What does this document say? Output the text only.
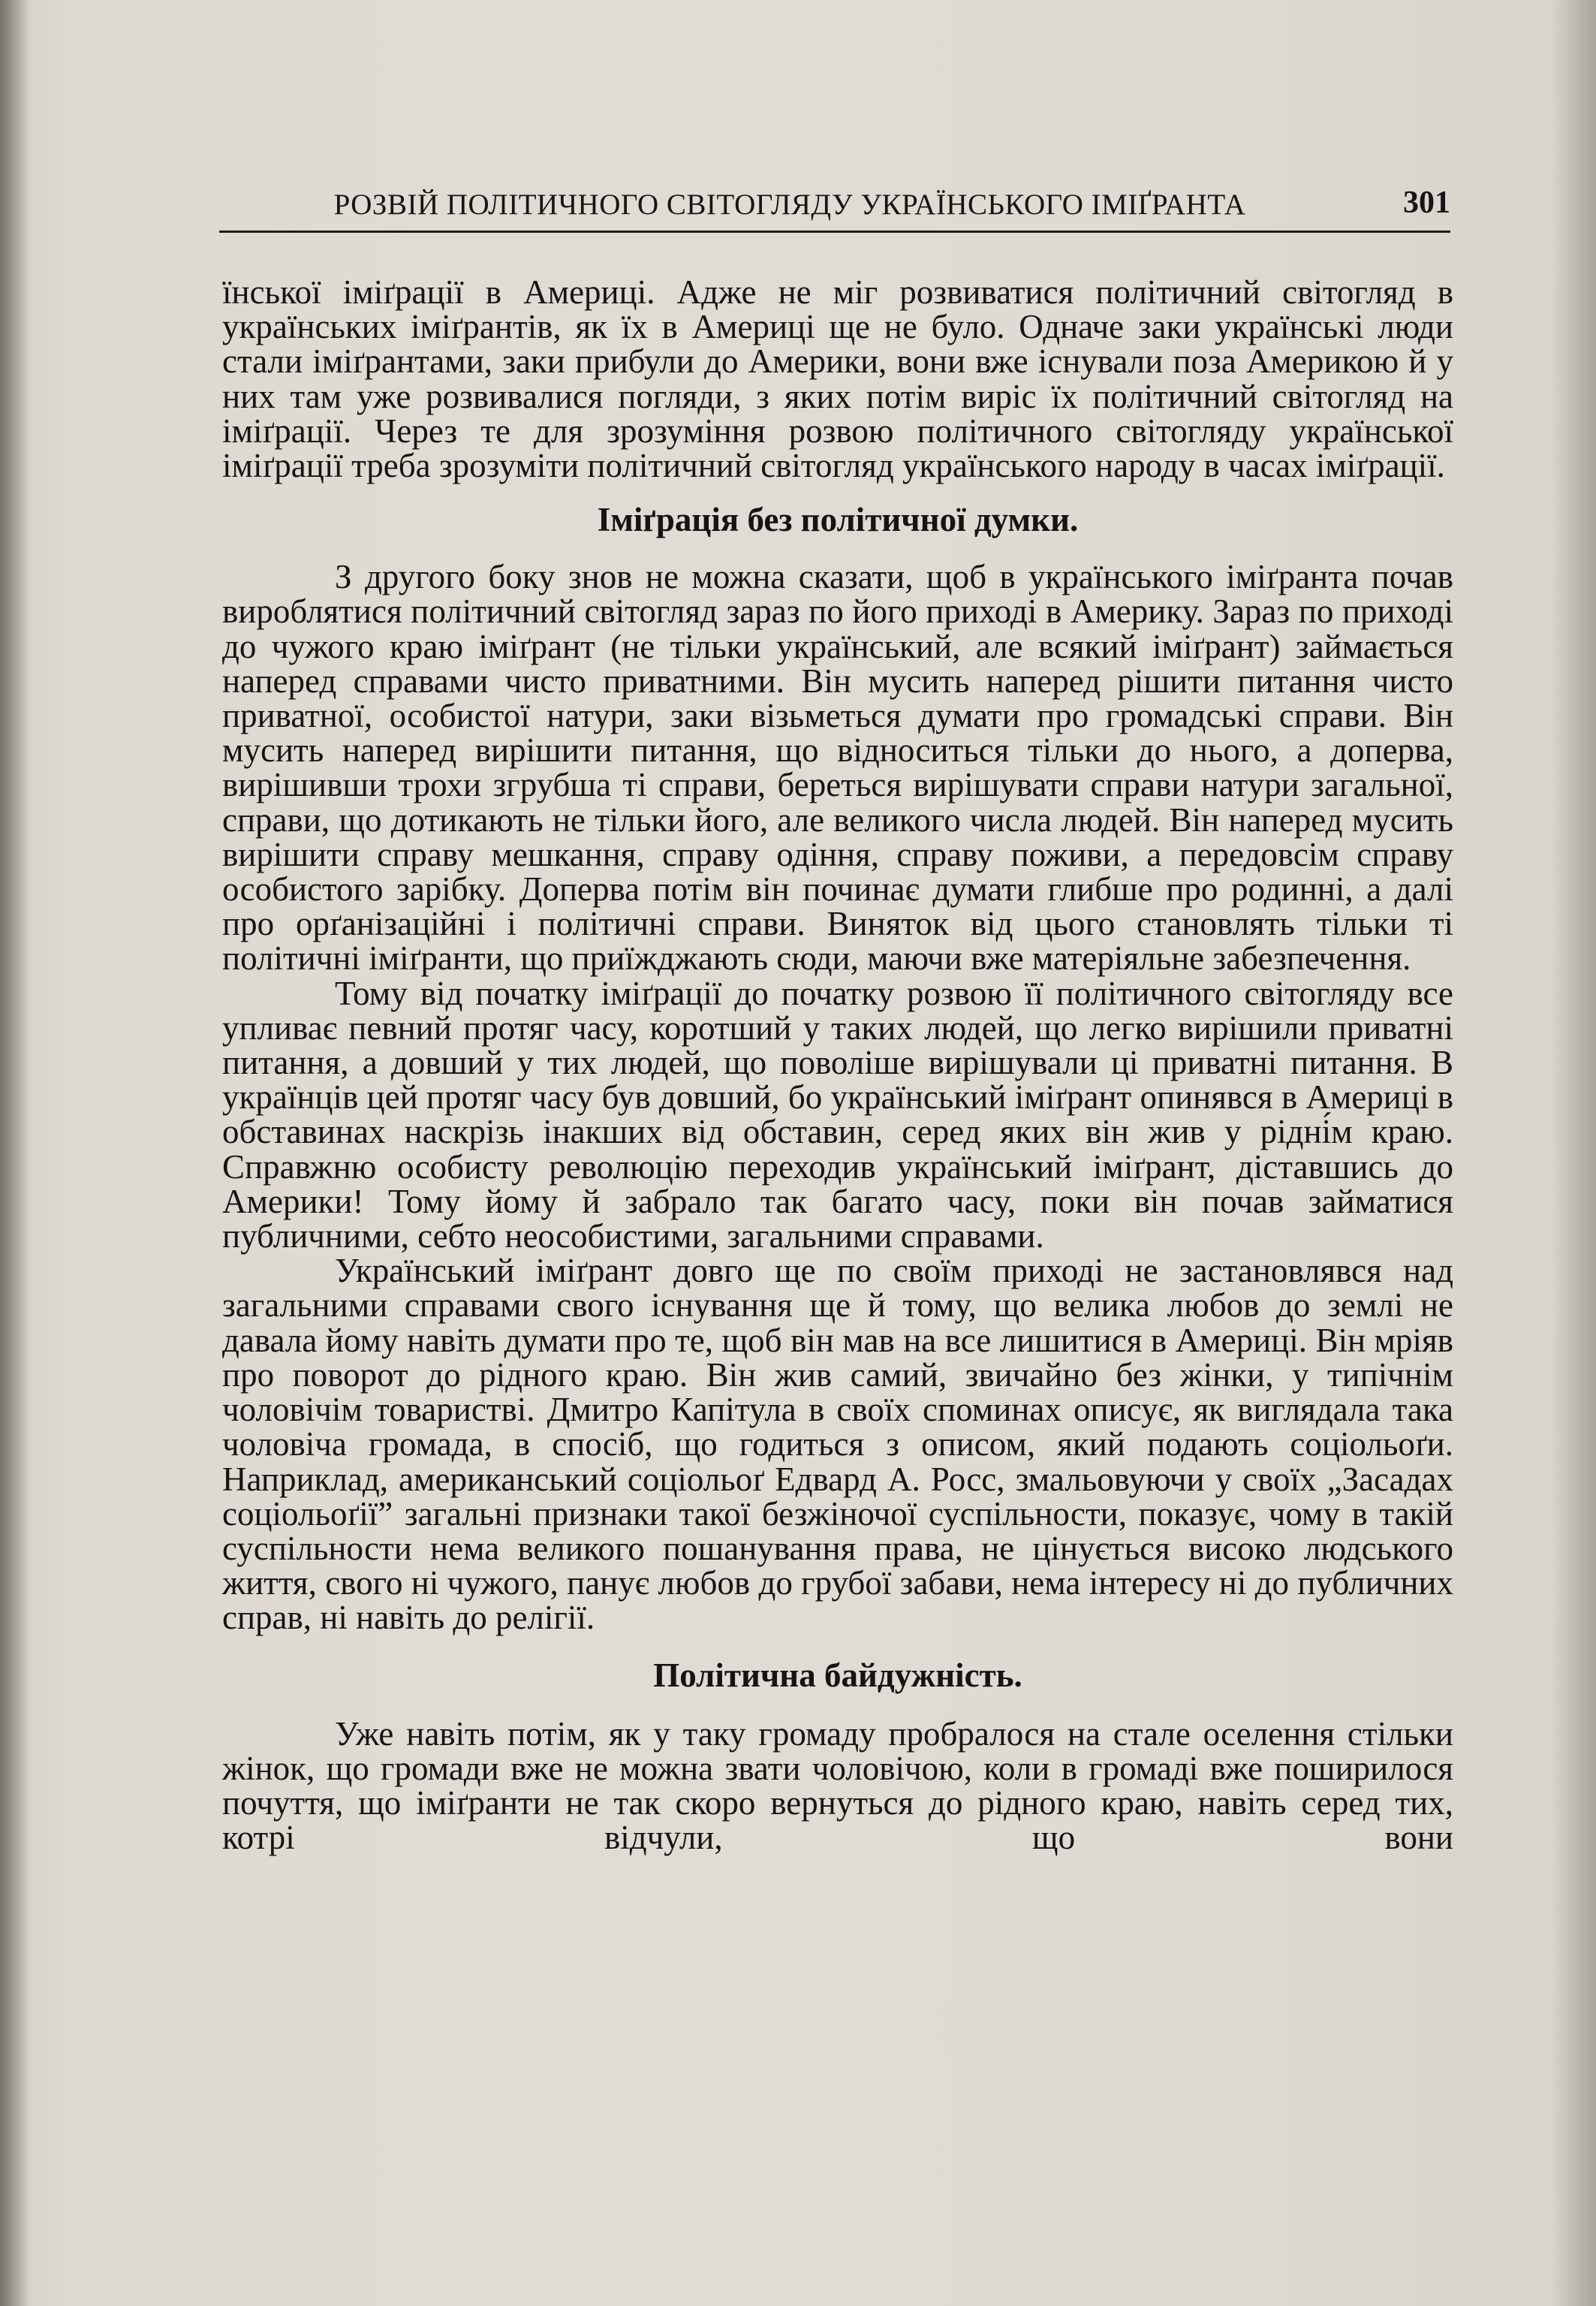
РОЗВІЙ ПОЛІТИЧНОГО СВІТОГЛЯДУ УКРАЇНСЬКОГО ІМІҐРАНТА	301

їнської іміґрації в Америці. Адже не міг розвиватися політичний світогляд в українських іміґрантів, як їх в Америці ще не було. Одначе заки українські люди стали іміґрантами, заки прибули до Америки, вони вже існували поза Америкою й у них там уже розвивалися погляди, з яких потім виріс їх політичний світогляд на іміґрації. Через те для зрозуміння розвою політичного світогляду української іміґрації треба зрозуміти політичний світогляд українського народу в часах іміґрації.

Іміґрація без політичної думки.

З другого боку знов не можна сказати, щоб в українського іміґранта почав вироблятися політичний світогляд зараз по його приході в Америку. Зараз по приході до чужого краю іміґрант (не тільки український, але всякий іміґрант) займається наперед справами чисто приватними. Він мусить наперед рішити питання чисто приватної, особистої натури, заки візьметься думати про громадські справи. Він мусить наперед вирішити питання, що відноситься тільки до нього, а доперва, вирішивши трохи згрубша ті справи, береться вирішувати справи натури загальної, справи, що дотикають не тільки його, але великого числа людей. Він наперед мусить вирішити справу мешкання, справу одіння, справу поживи, а передовсім справу особистого зарібку. Доперва потім він починає думати глибше про родинні, а далі про орґанізаційні і політичні справи. Виняток від цього становлять тільки ті політичні іміґранти, що приїжджають сюди, маючи вже матеріяльне забезпечення.

Тому від початку іміґрації до початку розвою її політичного світогляду все упливає певний протяг часу, коротший у таких людей, що легко вирішили приватні питання, а довший у тих людей, що поволіше вирішували ці приватні питання. В українців цей протяг часу був довший, бо український іміґрант опинявся в Америці в обставинах наскрізь інакших від обставин, серед яких він жив у рідні́м краю. Справжню особисту революцію переходив український іміґрант, діставшись до Америки! Тому йому й забрало так багато часу, поки він почав займатися публичними, себто неособистими, загальними справами.

Український іміґрант довго ще по своїм приході не застановлявся над загальними справами свого існування ще й тому, що велика любов до землі не давала йому навіть думати про те, щоб він мав на все лишитися в Америці. Він мріяв про поворот до рідного краю. Він жив самий, звичайно без жінки, у типічнім чоловічім товаристві. Дмитро Капітула в своїх споминах описує, як виглядала така чоловіча громада, в спосіб, що годиться з описом, який подають соціольоґи. Наприклад, американський соціольоґ Едвард А. Росс, змальовуючи у своїх „Засадах соціольоґії” загальні признаки такої безжіночої суспільности, показує, чому в такій суспільности нема великого пошанування права, не цінується високо людського життя, свого ні чужого, панує любов до грубої забави, нема інтересу ні до публичних справ, ні навіть до релігії.

Політична байдужність.

Уже навіть потім, як у таку громаду пробралося на стале оселення стільки жінок, що громади вже не можна звати чоловічою, коли в громаді вже поширилося почуття, що іміґранти не так скоро вернуться до рідного краю, навіть серед тих, котрі відчули, що вони
